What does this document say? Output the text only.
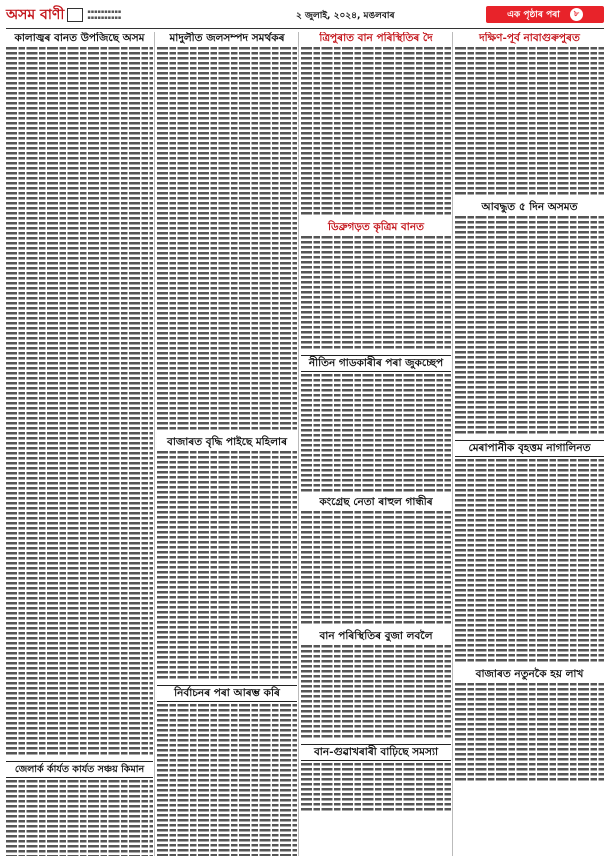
অসম বাণী	▪▪▪▪▪▪▪▪▪▪
▪▪▪▪▪▪▪▪▪▪	২ জুলাই, ২০২৪, মঙলবাৰ	এক পৃষ্ঠাৰ পৰা	৮
কালাজ্বৰ বানত উপজিছে অসম
জেলাৰ্ক ৰ্কাৰ্যত কাৰ্যত সঞ্চয় কিমান
মাদুলীত জলসম্পদ সমৰ্থকৰ
বাজাৰত বৃদ্ধি পাইছে মহিলাৰ
নিৰ্বাচনৰ পৰা আৰম্ভ কৰি
ত্ৰিপুৰাত বান পৰিস্থিতিৰ দৈ
ডিব্ৰুগড়ত কৃত্ৰিম বানত
নীতিন গাডকাৰীৰ পৰা জুকচ্ছেপ
কংগ্ৰেছ নেতা ৰাহুল গান্ধীৰ
বান পৰিস্থিতিৰ বুজা লবলৈ
বান-গুৱাখৰাৰী বাঢ়িছে সমস্যা
দক্ষিণ-পূৰ্ব নাবাগুৰুপুৰত
আবদ্ধুত ৫ দিন অসমত
মেৰাপানীক বৃহত্তম নাগালিনত
বাজাৰত নতুনকৈ হয় লাখ
